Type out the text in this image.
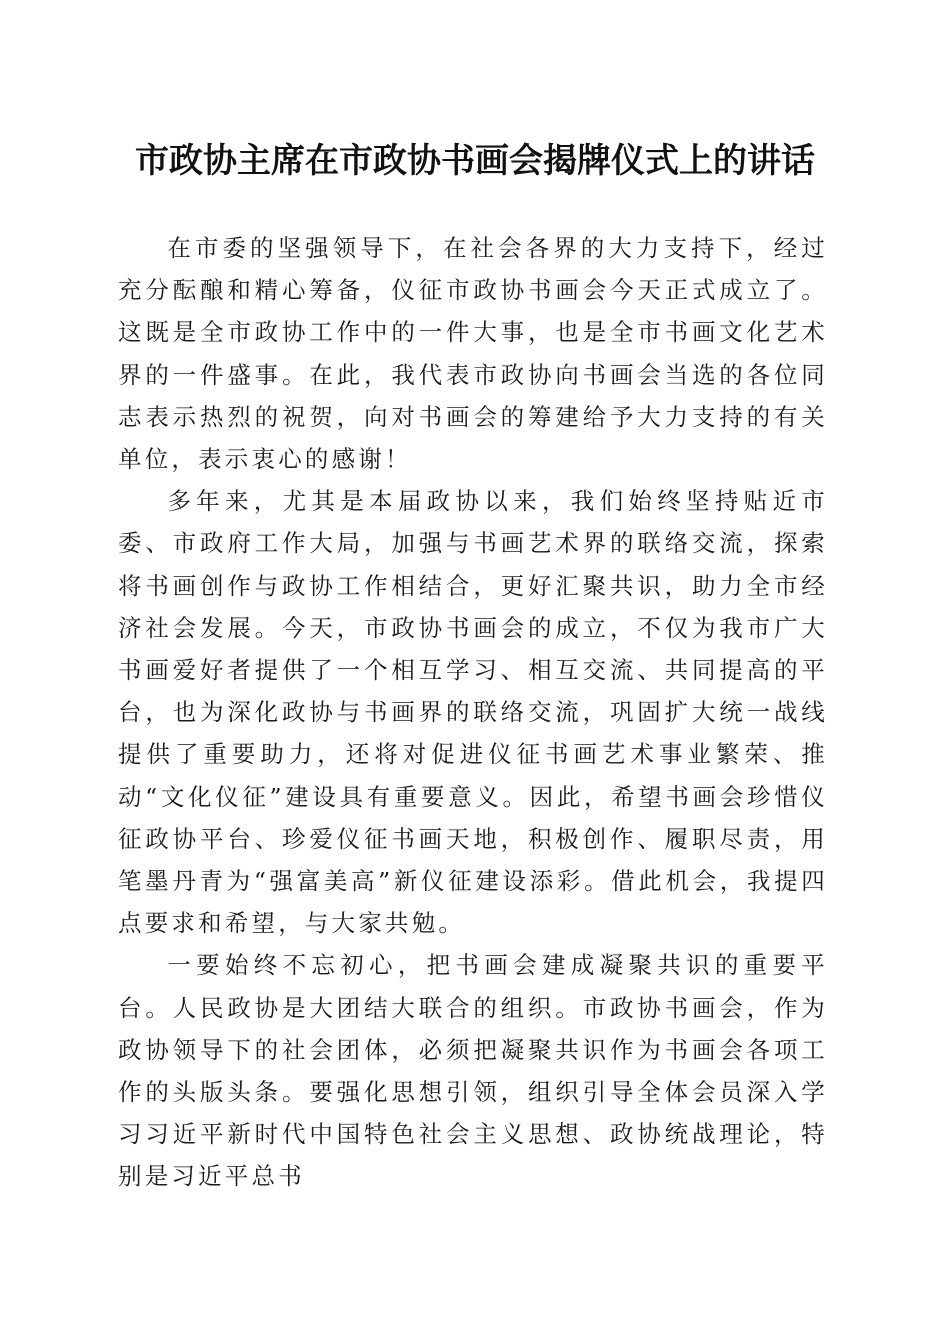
市政协主席在市政协书画会揭牌仪式上的讲话

在市委的坚强领导下，在社会各界的大力支持下，经过充分酝酿和精心筹备，仪征市政协书画会今天正式成立了。这既是全市政协工作中的一件大事，也是全市书画文化艺术界的一件盛事。在此，我代表市政协向书画会当选的各位同志表示热烈的祝贺，向对书画会的筹建给予大力支持的有关单位，表示衷心的感谢！

多年来，尤其是本届政协以来，我们始终坚持贴近市委、市政府工作大局，加强与书画艺术界的联络交流，探索将书画创作与政协工作相结合，更好汇聚共识，助力全市经济社会发展。今天，市政协书画会的成立，不仅为我市广大书画爱好者提供了一个相互学习、相互交流、共同提高的平台，也为深化政协与书画界的联络交流，巩固扩大统一战线提供了重要助力，还将对促进仪征书画艺术事业繁荣、推动“文化仪征”建设具有重要意义。因此，希望书画会珍惜仪征政协平台、珍爱仪征书画天地，积极创作、履职尽责，用笔墨丹青为“强富美高”新仪征建设添彩。借此机会，我提四点要求和希望，与大家共勉。

一要始终不忘初心，把书画会建成凝聚共识的重要平台。人民政协是大团结大联合的组织。市政协书画会，作为政协领导下的社会团体，必须把凝聚共识作为书画会各项工作的头版头条。要强化思想引领，组织引导全体会员深入学习习近平新时代中国特色社会主义思想、政协统战理论，特别是习近平总书
